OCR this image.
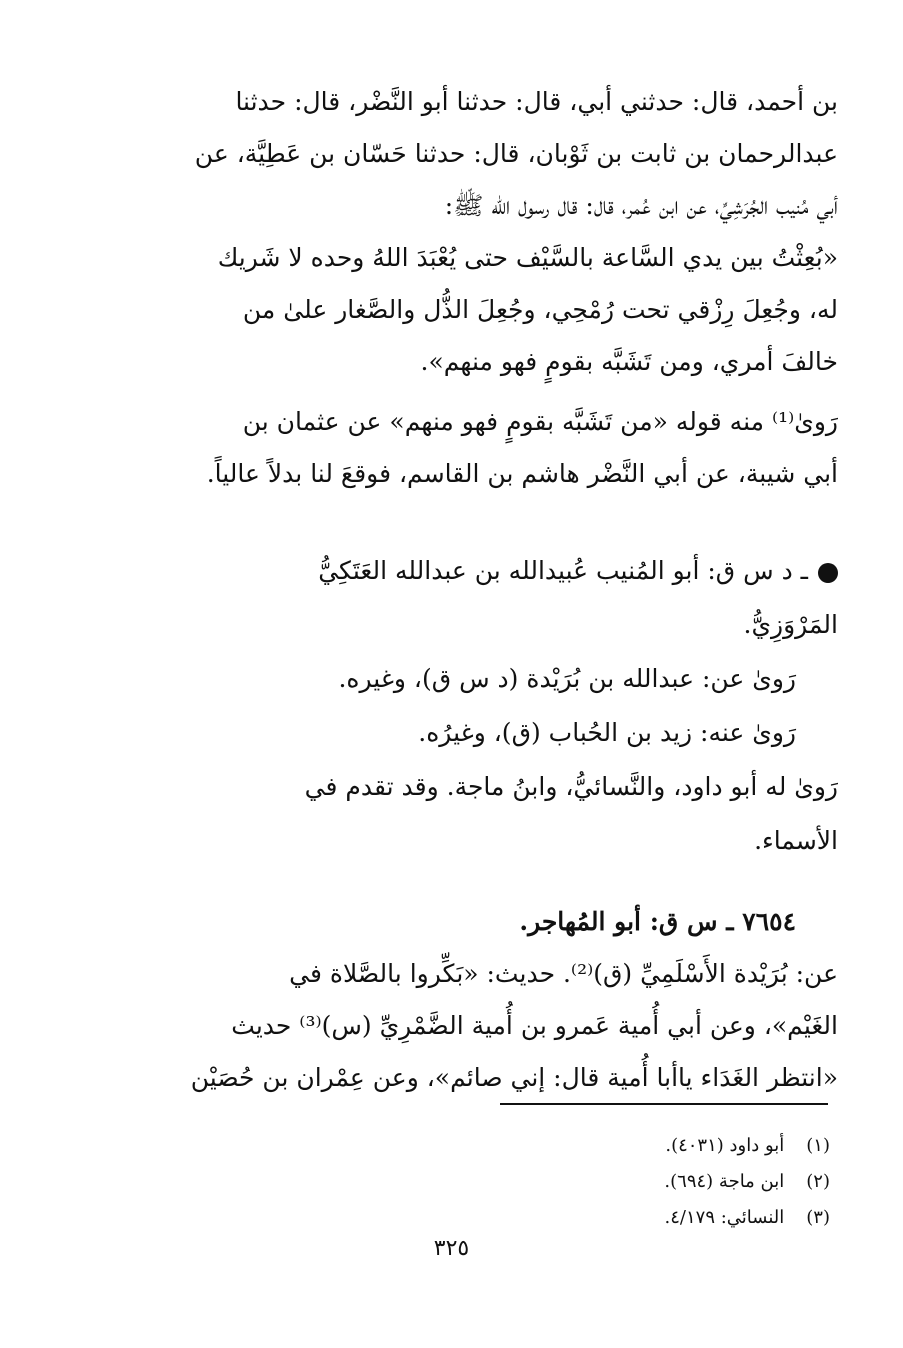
بن أحمد، قال: حدثني أبي، قال: حدثنا أبو النَّضْر، قال: حدثنا
عبدالرحمان بن ثابت بن ثَوْبان، قال: حدثنا حَسّان بن عَطِيَّة، عن
أبي مُنيب الجُرَشِيِّ، عن ابن عُمر، قال: قال رسول الله ﷺ:
«بُعِثْتُ بين يدي السَّاعة بالسَّيْف حتى يُعْبَدَ اللهُ وحده لا شَريك
له، وجُعِلَ رِزْقي تحت رُمْحِي، وجُعِلَ الذُّل والصَّغار علىٰ من
خالفَ أمري، ومن تَشَبَّه بقومٍ فهو منهم».
رَوىٰ⁽¹⁾ منه قوله «من تَشَبَّه بقومٍ فهو منهم» عن عثمان بن
أبي شيبة، عن أبي النَّضْر هاشم بن القاسم، فوقعَ لنا بدلاً عالياً.
ـ د س ق: أبو المُنيب عُبيدالله بن عبدالله العَتَكِيُّ
المَرْوَزِيُّ.
رَوىٰ عن: عبدالله بن بُرَيْدة (د س ق)، وغيره.
رَوىٰ عنه: زيد بن الحُباب (ق)، وغيرُه.
رَوىٰ له أبو داود، والنَّسائيُّ، وابنُ ماجة. وقد تقدم في
الأسماء.
٧٦٥٤ ـ س ق: أبو المُهاجر.
عن: بُرَيْدة الأَسْلَمِيِّ (ق)⁽²⁾. حديث: «بَكِّروا بالصَّلاة في
الغَيْم»، وعن أبي أُمية عَمرو بن أُمية الضَّمْرِيِّ (س)⁽³⁾ حديث
«انتظر الغَدَاء ياأبا أُمية قال: إني صائم»، وعن عِمْران بن حُصَيْن
(١) أبو داود (٤٠٣١).
(٢) ابن ماجة (٦٩٤).
(٣) النسائي: ٤/١٧٩.
٣٢٥
